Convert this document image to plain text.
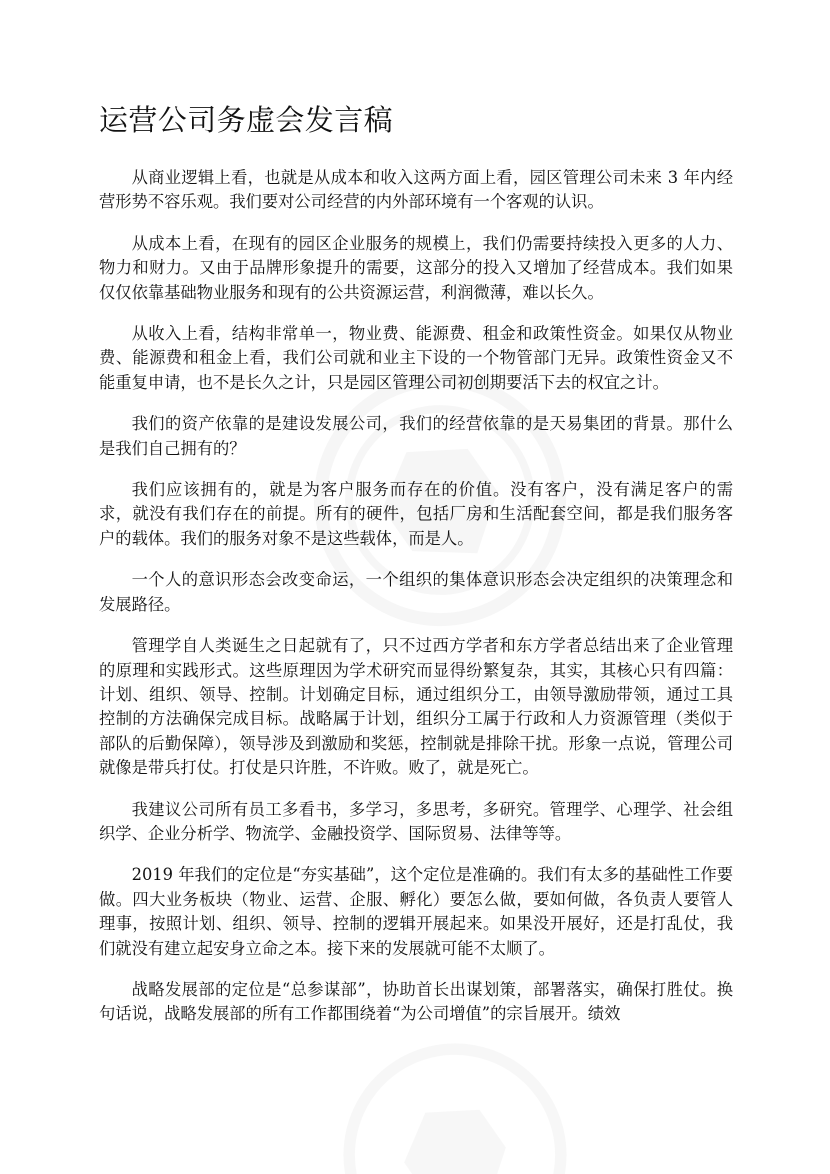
运营公司务虚会发言稿

从商业逻辑上看，也就是从成本和收入这两方面上看，园区管理公司未来 3 年内经营形势不容乐观。我们要对公司经营的内外部环境有一个客观的认识。

从成本上看，在现有的园区企业服务的规模上，我们仍需要持续投入更多的人力、物力和财力。又由于品牌形象提升的需要，这部分的投入又增加了经营成本。我们如果仅仅依靠基础物业服务和现有的公共资源运营，利润微薄，难以长久。

从收入上看，结构非常单一，物业费、能源费、租金和政策性资金。如果仅从物业费、能源费和租金上看，我们公司就和业主下设的一个物管部门无异。政策性资金又不能重复申请，也不是长久之计，只是园区管理公司初创期要活下去的权宜之计。

我们的资产依靠的是建设发展公司，我们的经营依靠的是天易集团的背景。那什么是我们自己拥有的？

我们应该拥有的，就是为客户服务而存在的价值。没有客户，没有满足客户的需求，就没有我们存在的前提。所有的硬件，包括厂房和生活配套空间，都是我们服务客户的载体。我们的服务对象不是这些载体，而是人。

一个人的意识形态会改变命运，一个组织的集体意识形态会决定组织的决策理念和发展路径。

管理学自人类诞生之日起就有了，只不过西方学者和东方学者总结出来了企业管理的原理和实践形式。这些原理因为学术研究而显得纷繁复杂，其实，其核心只有四篇：计划、组织、领导、控制。计划确定目标，通过组织分工，由领导激励带领，通过工具控制的方法确保完成目标。战略属于计划，组织分工属于行政和人力资源管理（类似于部队的后勤保障），领导涉及到激励和奖惩，控制就是排除干扰。形象一点说，管理公司就像是带兵打仗。打仗是只许胜，不许败。败了，就是死亡。

我建议公司所有员工多看书，多学习，多思考，多研究。管理学、心理学、社会组织学、企业分析学、物流学、金融投资学、国际贸易、法律等等。

2019 年我们的定位是“夯实基础”，这个定位是准确的。我们有太多的基础性工作要做。四大业务板块（物业、运营、企服、孵化）要怎么做，要如何做，各负责人要管人理事，按照计划、组织、领导、控制的逻辑开展起来。如果没开展好，还是打乱仗，我们就没有建立起安身立命之本。接下来的发展就可能不太顺了。

战略发展部的定位是“总参谋部”，协助首长出谋划策，部署落实，确保打胜仗。换句话说，战略发展部的所有工作都围绕着“为公司增值”的宗旨展开。绩效
